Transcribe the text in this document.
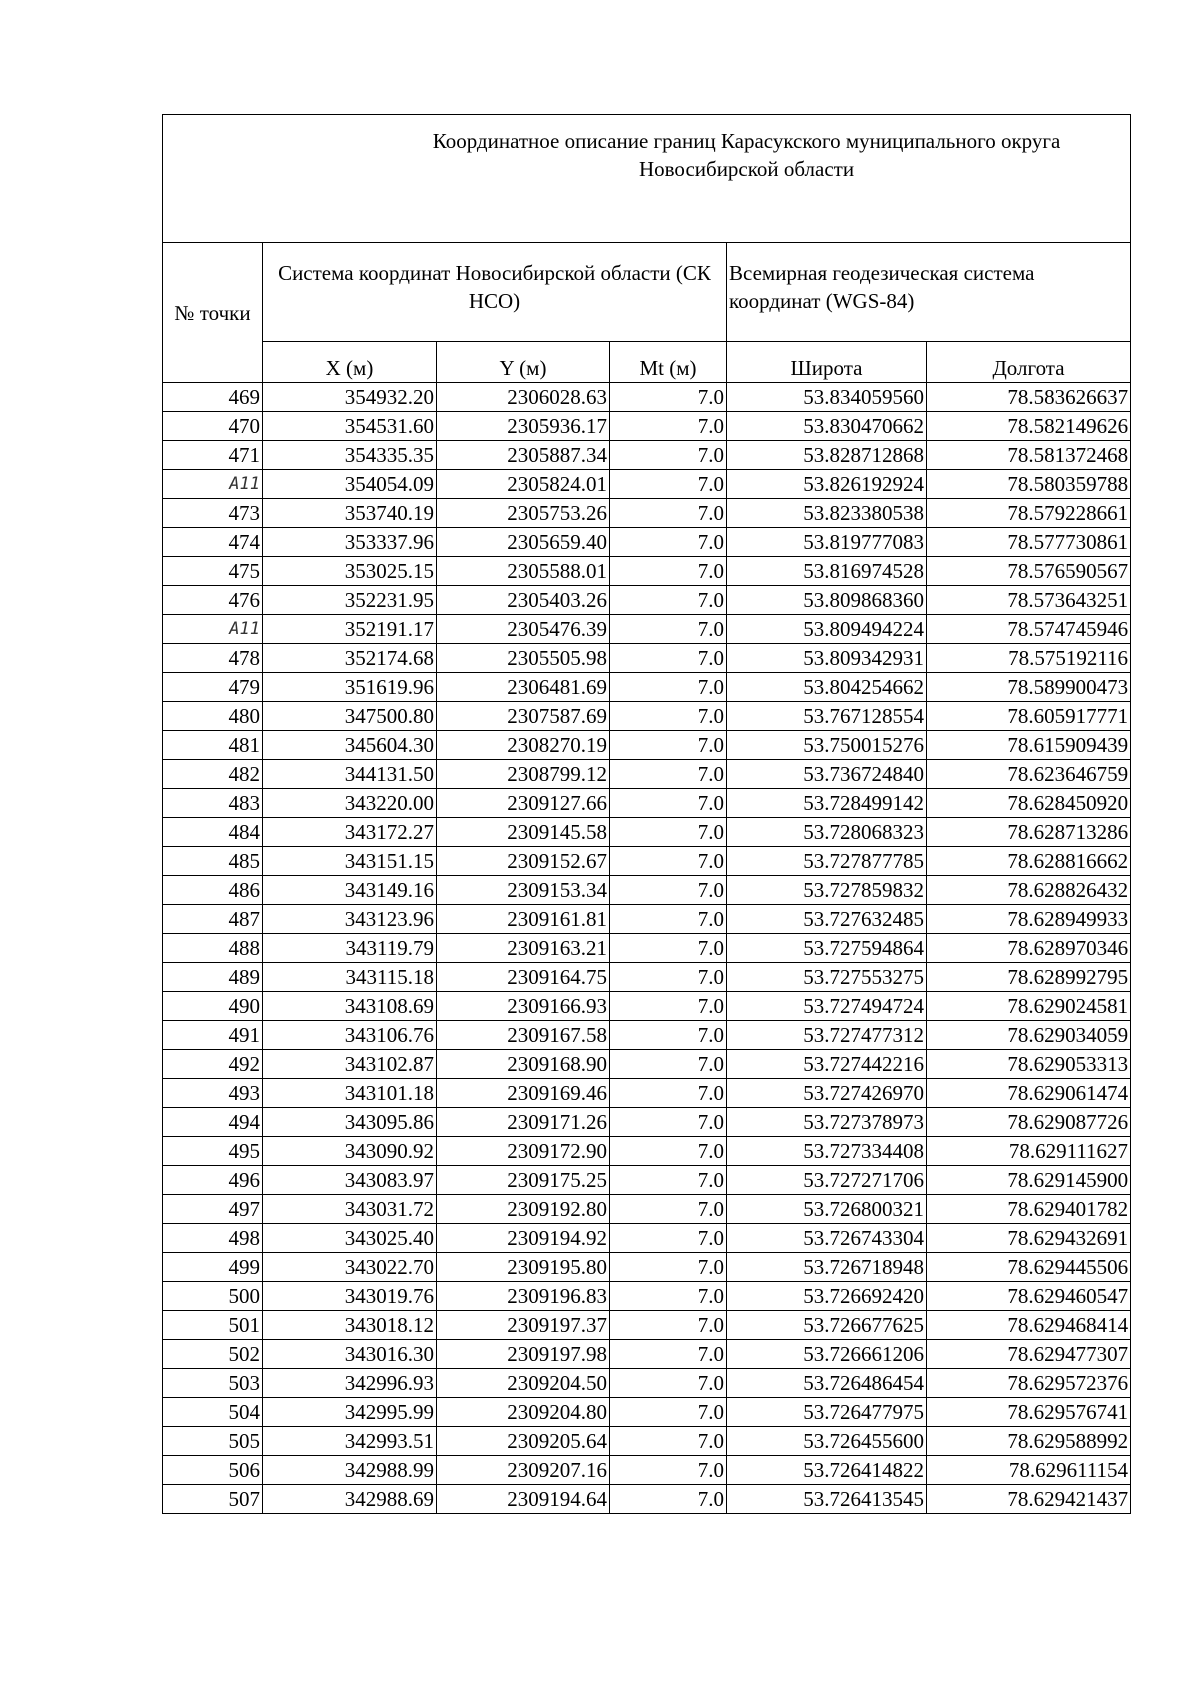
Координатное описание границ Карасукского муниципального округа
Новосибирской области					

№ точки	Система координат Новосибирской области (СК НСО)			Всемирная геодезическая система координат (WGS-84)	
	X (м)	Y (м)	Mt (м)	Широта	Долгота
469	354932.20	2306028.63	7.0	53.834059560	78.583626637
470	354531.60	2305936.17	7.0	53.830470662	78.582149626
471	354335.35	2305887.34	7.0	53.828712868	78.581372468
A11	354054.09	2305824.01	7.0	53.826192924	78.580359788
473	353740.19	2305753.26	7.0	53.823380538	78.579228661
474	353337.96	2305659.40	7.0	53.819777083	78.577730861
475	353025.15	2305588.01	7.0	53.816974528	78.576590567
476	352231.95	2305403.26	7.0	53.809868360	78.573643251
A11	352191.17	2305476.39	7.0	53.809494224	78.574745946
478	352174.68	2305505.98	7.0	53.809342931	78.575192116
479	351619.96	2306481.69	7.0	53.804254662	78.589900473
480	347500.80	2307587.69	7.0	53.767128554	78.605917771
481	345604.30	2308270.19	7.0	53.750015276	78.615909439
482	344131.50	2308799.12	7.0	53.736724840	78.623646759
483	343220.00	2309127.66	7.0	53.728499142	78.628450920
484	343172.27	2309145.58	7.0	53.728068323	78.628713286
485	343151.15	2309152.67	7.0	53.727877785	78.628816662
486	343149.16	2309153.34	7.0	53.727859832	78.628826432
487	343123.96	2309161.81	7.0	53.727632485	78.628949933
488	343119.79	2309163.21	7.0	53.727594864	78.628970346
489	343115.18	2309164.75	7.0	53.727553275	78.628992795
490	343108.69	2309166.93	7.0	53.727494724	78.629024581
491	343106.76	2309167.58	7.0	53.727477312	78.629034059
492	343102.87	2309168.90	7.0	53.727442216	78.629053313
493	343101.18	2309169.46	7.0	53.727426970	78.629061474
494	343095.86	2309171.26	7.0	53.727378973	78.629087726
495	343090.92	2309172.90	7.0	53.727334408	78.629111627
496	343083.97	2309175.25	7.0	53.727271706	78.629145900
497	343031.72	2309192.80	7.0	53.726800321	78.629401782
498	343025.40	2309194.92	7.0	53.726743304	78.629432691
499	343022.70	2309195.80	7.0	53.726718948	78.629445506
500	343019.76	2309196.83	7.0	53.726692420	78.629460547
501	343018.12	2309197.37	7.0	53.726677625	78.629468414
502	343016.30	2309197.98	7.0	53.726661206	78.629477307
503	342996.93	2309204.50	7.0	53.726486454	78.629572376
504	342995.99	2309204.80	7.0	53.726477975	78.629576741
505	342993.51	2309205.64	7.0	53.726455600	78.629588992
506	342988.99	2309207.16	7.0	53.726414822	78.629611154
507	342988.69	2309194.64	7.0	53.726413545	78.629421437
